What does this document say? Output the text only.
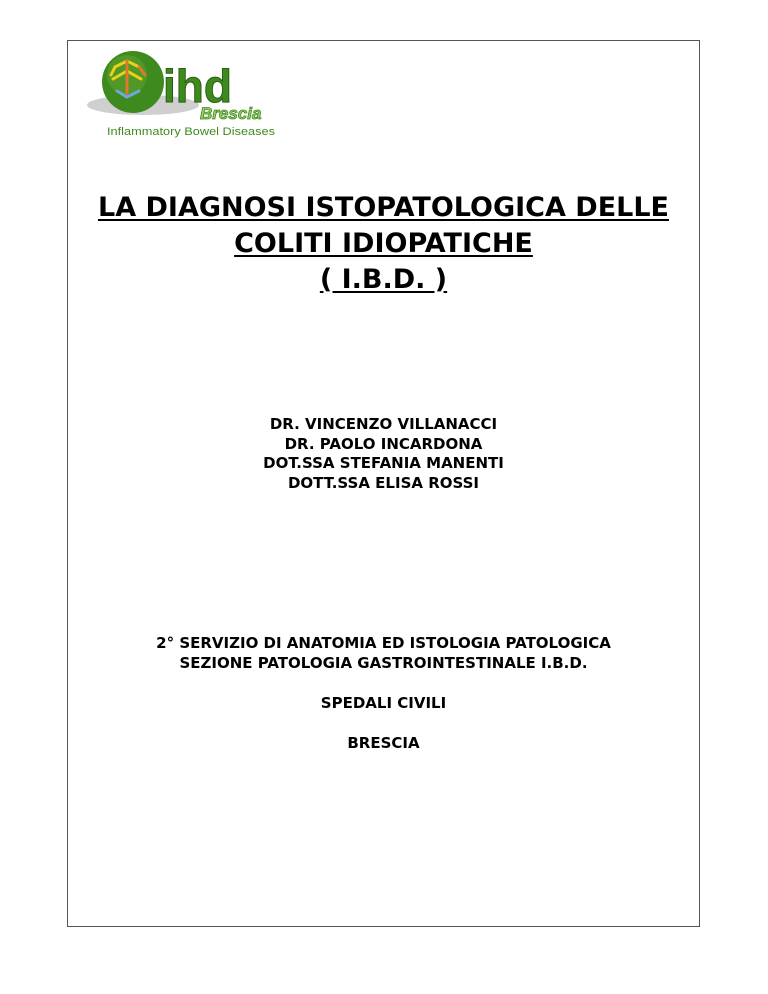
ihd
Brescia
Inflammatory Bowel Diseases
LA DIAGNOSI ISTOPATOLOGICA DELLE
COLITI IDIOPATICHE
( I.B.D. )
DR. VINCENZO VILLANACCI
DR. PAOLO INCARDONA
DOT.SSA STEFANIA MANENTI
DOTT.SSA ELISA ROSSI
2° SERVIZIO DI ANATOMIA ED ISTOLOGIA PATOLOGICA
SEZIONE PATOLOGIA GASTROINTESTINALE I.B.D.
SPEDALI CIVILI
BRESCIA
